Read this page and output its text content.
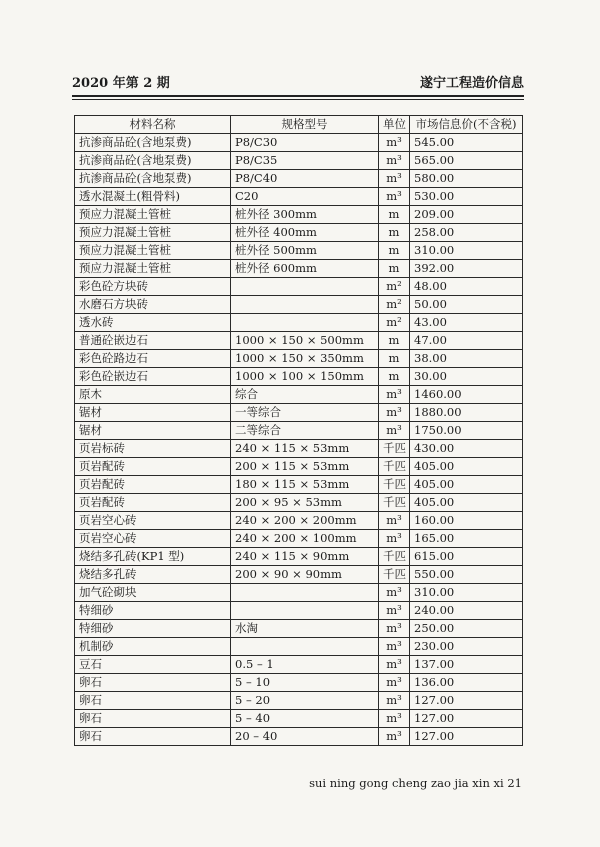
2020 年第 2 期	遂宁工程造价信息
材料名称	规格型号	单位	市场信息价(不含税)
抗渗商品砼(含地泵费)	P8/C30	m³	545.00
抗渗商品砼(含地泵费)	P8/C35	m³	565.00
抗渗商品砼(含地泵费)	P8/C40	m³	580.00
透水混凝土(粗骨料)	C20	m³	530.00
预应力混凝土管桩	桩外径 300mm	m	209.00
预应力混凝土管桩	桩外径 400mm	m	258.00
预应力混凝土管桩	桩外径 500mm	m	310.00
预应力混凝土管桩	桩外径 600mm	m	392.00
彩色砼方块砖		m²	48.00
水磨石方块砖		m²	50.00
透水砖		m²	43.00
普通砼嵌边石	1000 × 150 × 500mm	m	47.00
彩色砼路边石	1000 × 150 × 350mm	m	38.00
彩色砼嵌边石	1000 × 100 × 150mm	m	30.00
原木	综合	m³	1460.00
锯材	一等综合	m³	1880.00
锯材	二等综合	m³	1750.00
页岩标砖	240 × 115 × 53mm	千匹	430.00
页岩配砖	200 × 115 × 53mm	千匹	405.00
页岩配砖	180 × 115 × 53mm	千匹	405.00
页岩配砖	200 × 95 × 53mm	千匹	405.00
页岩空心砖	240 × 200 × 200mm	m³	160.00
页岩空心砖	240 × 200 × 100mm	m³	165.00
烧结多孔砖(KP1 型)	240 × 115 × 90mm	千匹	615.00
烧结多孔砖	200 × 90 × 90mm	千匹	550.00
加气砼砌块		m³	310.00
特细砂		m³	240.00
特细砂	水淘	m³	250.00
机制砂		m³	230.00
豆石	0.5 – 1	m³	137.00
卵石	5 – 10	m³	136.00
卵石	5 – 20	m³	127.00
卵石	5 – 40	m³	127.00
卵石	20 – 40	m³	127.00
sui ning gong cheng zao jia xin xi 21
